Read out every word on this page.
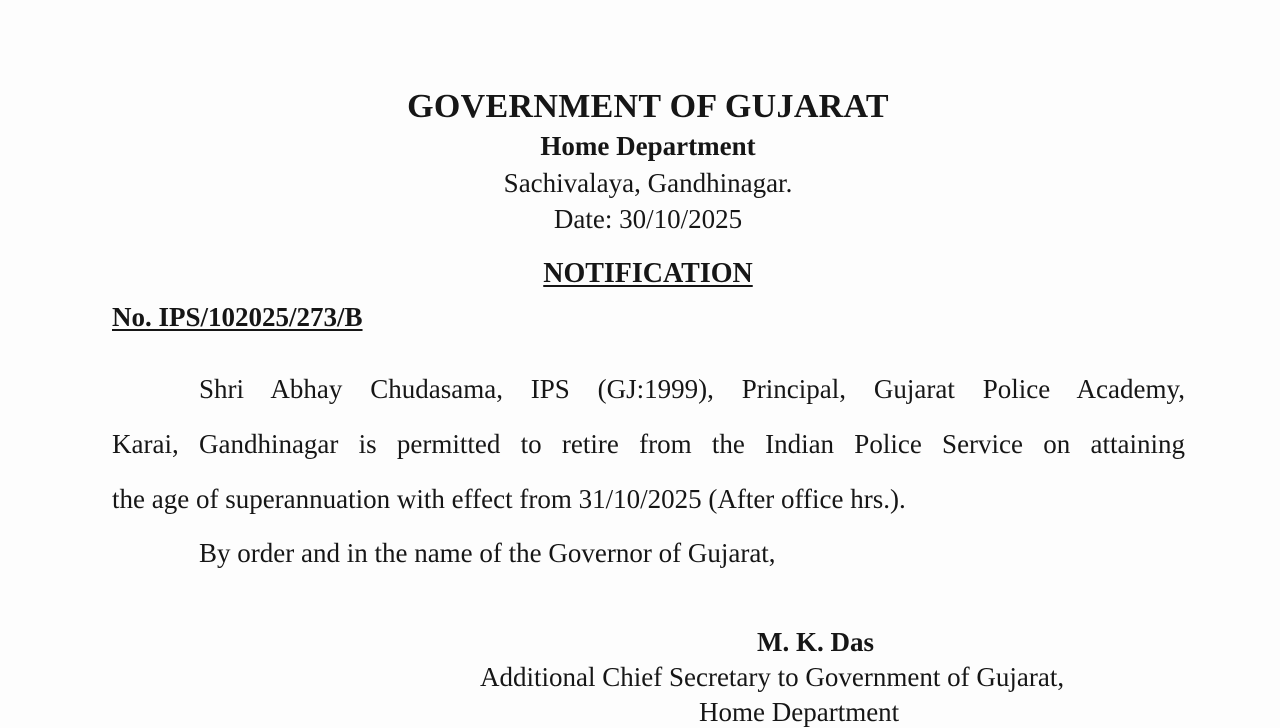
GOVERNMENT OF GUJARAT
Home Department
Sachivalaya, Gandhinagar.
Date: 30/10/2025
NOTIFICATION
No. IPS/102025/273/B
Shri Abhay Chudasama, IPS (GJ:1999), Principal, Gujarat Police Academy,
Karai, Gandhinagar is permitted to retire from the Indian Police Service on attaining
the age of superannuation with effect from 31/10/2025 (After office hrs.).
By order and in the name of the Governor of Gujarat,
M. K. Das
Additional Chief Secretary to Government of Gujarat,
Home Department
